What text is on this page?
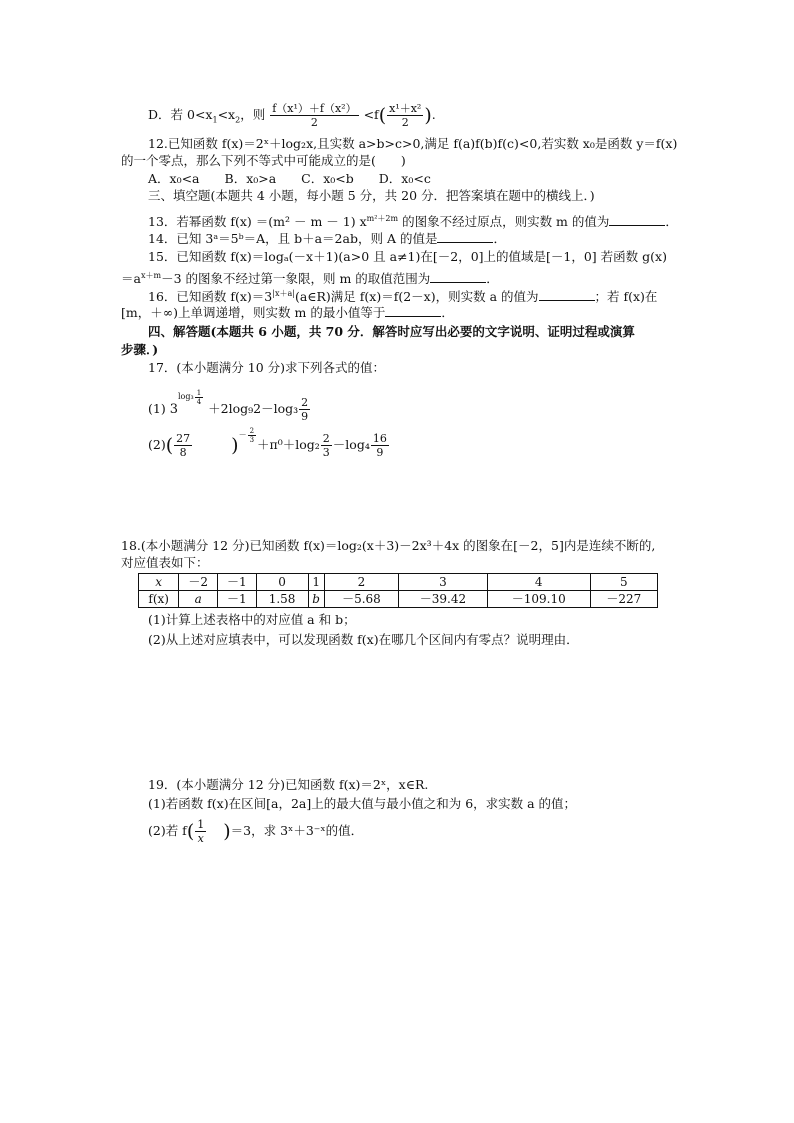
D．若 $0<x_1<x_2$，则 $\frac{\text{f（x¹）＋f（x²）}}{2} <f( \frac{\text{x¹＋x²}}{2}$ ).
12.已知函数 f(x)＝2ˣ＋log₂x,且实数 a>b>c>0,满足 f(a)f(b)f(c)<0,若实数 x₀是函数 y＝f(x)
的一个零点，那么下列不等式中可能成立的是(　　)
A．x₀<a　　B．x₀>a　　C．x₀<b　　D．x₀<c
三、填空题(本题共 4 小题，每小题 5 分，共 20 分．把答案填在题中的横线上．)
13．若幂函数 f(x) ＝(m² － m － 1) $x^{m^2+2m}$ 的图象不经过原点，则实数 m 的值为	．
14．已知 3ᵃ＝5ᵇ＝A，且 b＋a＝2ab，则 A 的值是	．
15．已知函数 f(x)＝logₐ(－x＋1)(a>0 且 a≠1)在[－2，0]上的值域是[－1，0] 若函数 g(x)
$=a^{x+m}-3$ 的图象不经过第一象限，则 m 的取值范围为	．
16．已知函数 $f(x)=3^{|x+a|}(a\in R)$满足 f(x)＝f(2－x)，则实数 a 的值为	；若 f(x)在
[m，＋∞)上单调递增，则实数 m 的最小值等于	．
四、解答题(本题共 6 小题，共 70 分．解答时应写出必要的文字说明、证明过程或演算
步骤．)
17．(本小题满分 10 分)求下列各式的值：
(1) $3\log_3 \frac{1}{4}$
$+2\log_92-\log_3 \frac{2}{9}$
$(2)( \frac{27}{8}$ )－ $\frac{2}{3}$
$+\pi^0+\log_2 \frac{2}{3} -\log_4 \frac{16}{9}$
18.(本小题满分 12 分)已知函数 f(x)＝log₂(x＋3)－2x³＋4x 的图象在[－2，5]内是连续不断的,
对应值表如下：
x	－2	－1	0	1	2	3	4	5
f(x)	a	－1	1.58	b	－5.68	－39.42	－109.10	－227
(1)计算上述表格中的对应值 a 和 b；
(2)从上述对应填表中，可以发现函数 f(x)在哪几个区间内有零点？说明理由．
19．(本小题满分 12 分)已知函数 f(x)＝2ˣ，x∈R.
(1)若函数 f(x)在区间[a，2a]上的最大值与最小值之和为 6，求实数 a 的值；
(2)若 $f( \frac{1}{x} )=3$，求 3ˣ＋3⁻ˣ的值．
